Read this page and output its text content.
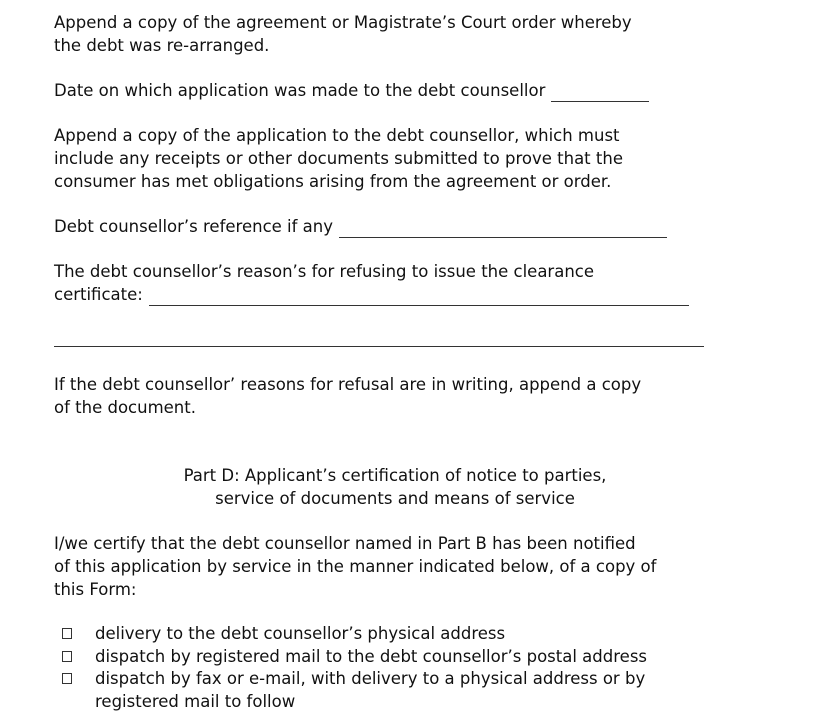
Append a copy of the agreement or Magistrate’s Court order whereby
the debt was re-arranged.

Date on which application was made to the debt counsellor

Append a copy of the application to the debt counsellor, which must
include any receipts or other documents submitted to prove that the
consumer has met obligations arising from the agreement or order.

Debt counsellor’s reference if any
The debt counsellor’s reason’s for refusing to issue the clearance
certificate:

If the debt counsellor’ reasons for refusal are in writing, append a copy
of the document.

Part D: Applicant’s certification of notice to parties,
service of documents and means of service

I/we certify that the debt counsellor named in Part B has been notified
of this application by service in the manner indicated below, of a copy of
this Form:

delivery to the debt counsellor’s physical address
dispatch by registered mail to the debt counsellor’s postal address
dispatch by fax or e-mail, with delivery to a physical address or by
registered mail to follow
